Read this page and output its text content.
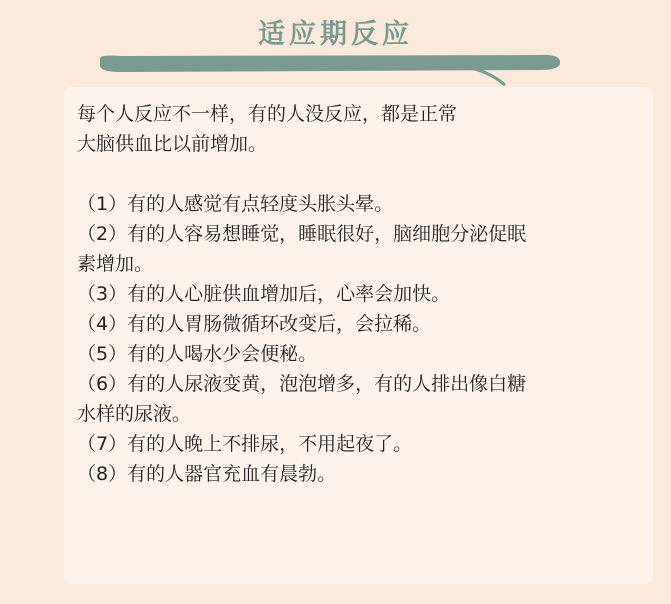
适应期反应
每个人反应不一样，有的人没反应，都是正常
大脑供血比以前增加。
（1）有的人感觉有点轻度头胀头晕。
（2）有的人容易想睡觉，睡眠很好，脑细胞分泌促眠
素增加。
（3）有的人心脏供血增加后，心率会加快。
（4）有的人胃肠微循环改变后，会拉稀。
（5）有的人喝水少会便秘。
（6）有的人尿液变黄，泡泡增多，有的人排出像白糖
水样的尿液。
（7）有的人晚上不排尿，不用起夜了。
（8）有的人器官充血有晨勃。
